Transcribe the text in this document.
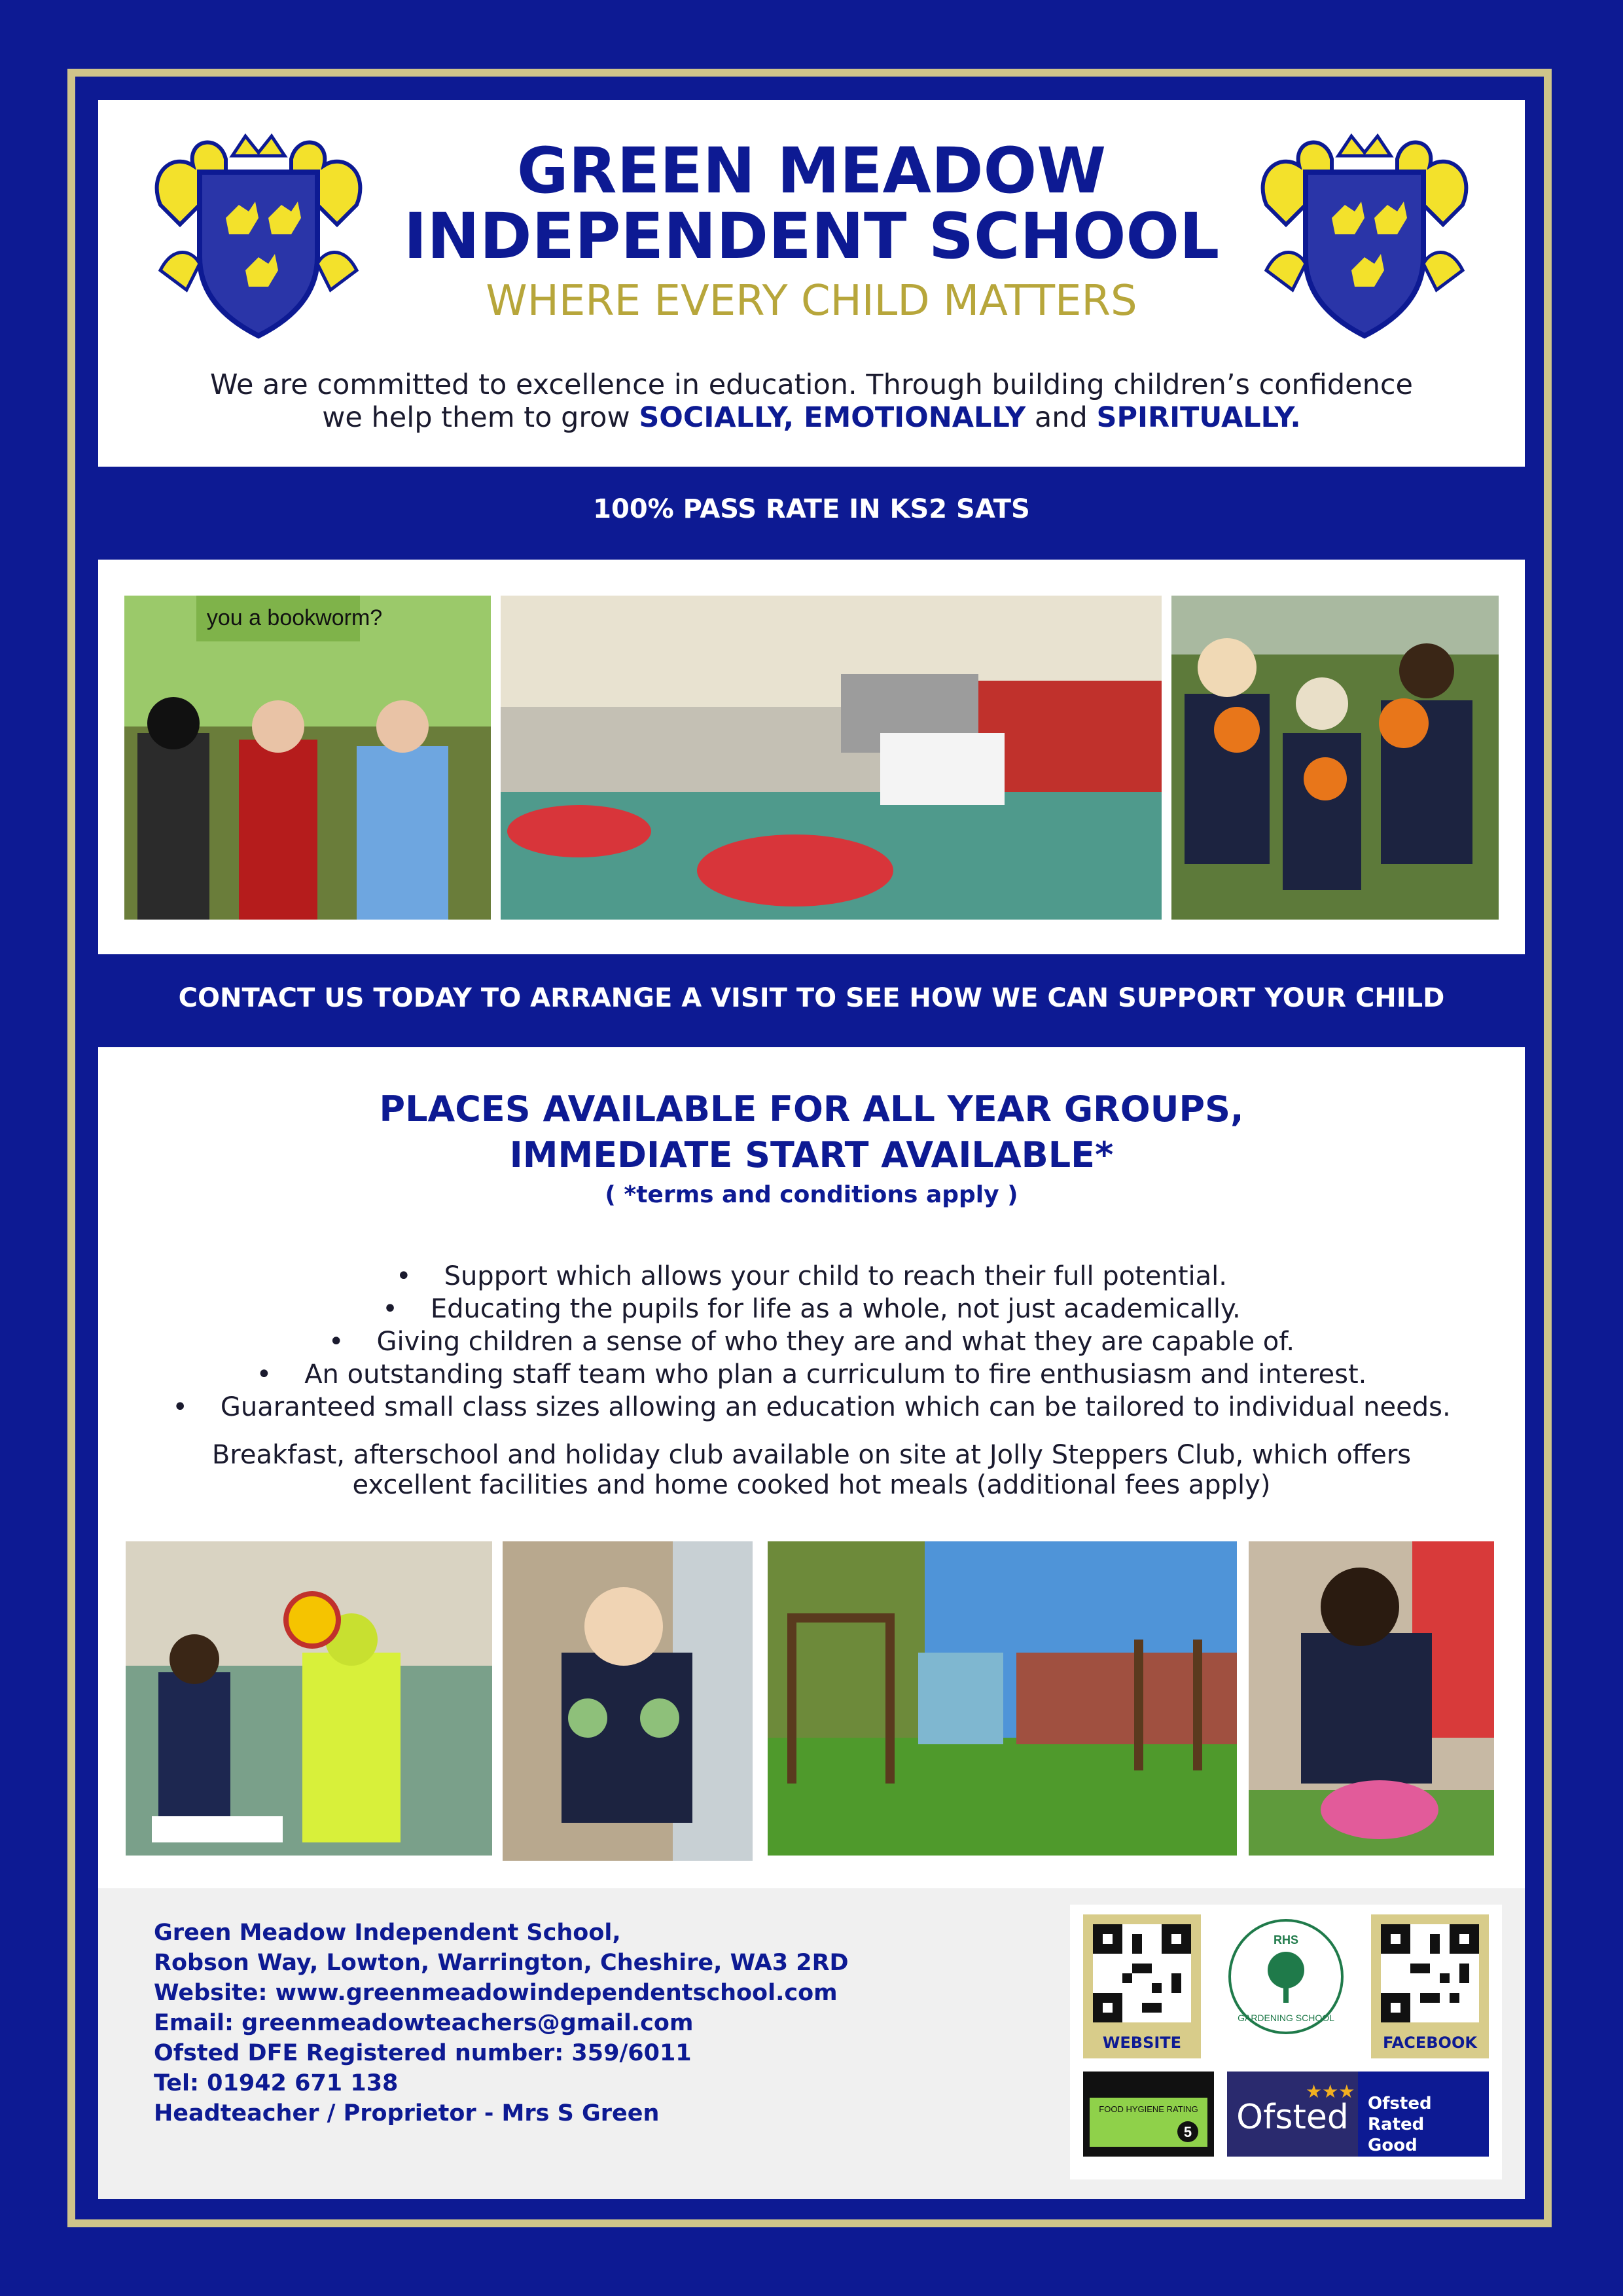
GREEN MEADOW
INDEPENDENT SCHOOL
WHERE EVERY CHILD MATTERS
We are committed to excellence in education. Through building children’s confidence
we help them to grow SOCIALLY, EMOTIONALLY and SPIRITUALLY.
100% PASS RATE IN KS2 SATS
you a bookworm?
CONTACT US TODAY TO ARRANGE A VISIT TO SEE HOW WE CAN SUPPORT YOUR CHILD
PLACES AVAILABLE FOR ALL YEAR GROUPS,
IMMEDIATE START AVAILABLE*
( *terms and conditions apply )
• Support which allows your child to reach their full potential.
• Educating the pupils for life as a whole, not just academically.
• Giving children a sense of who they are and what they are capable of.
• An outstanding staff team who plan a curriculum to fire enthusiasm and interest.
• Guaranteed small class sizes allowing an education which can be tailored to individual needs.
Breakfast, afterschool and holiday club available on site at Jolly Steppers Club, which offers
excellent facilities and home cooked hot meals (additional fees apply)
Green Meadow Independent School,
Robson Way, Lowton, Warrington, Cheshire, WA3 2RD
Website: www.greenmeadowindependentschool.com
Email: greenmeadowteachers@gmail.com
Ofsted DFE Registered number: 359/6011
Tel: 01942 671 138
Headteacher / Proprietor - Mrs S Green
WEBSITE
RHS
GARDENING SCHOOL
FACEBOOK
FOOD HYGIENE RATING
5 Ofsted
★★★
Ofsted Rated
Good
